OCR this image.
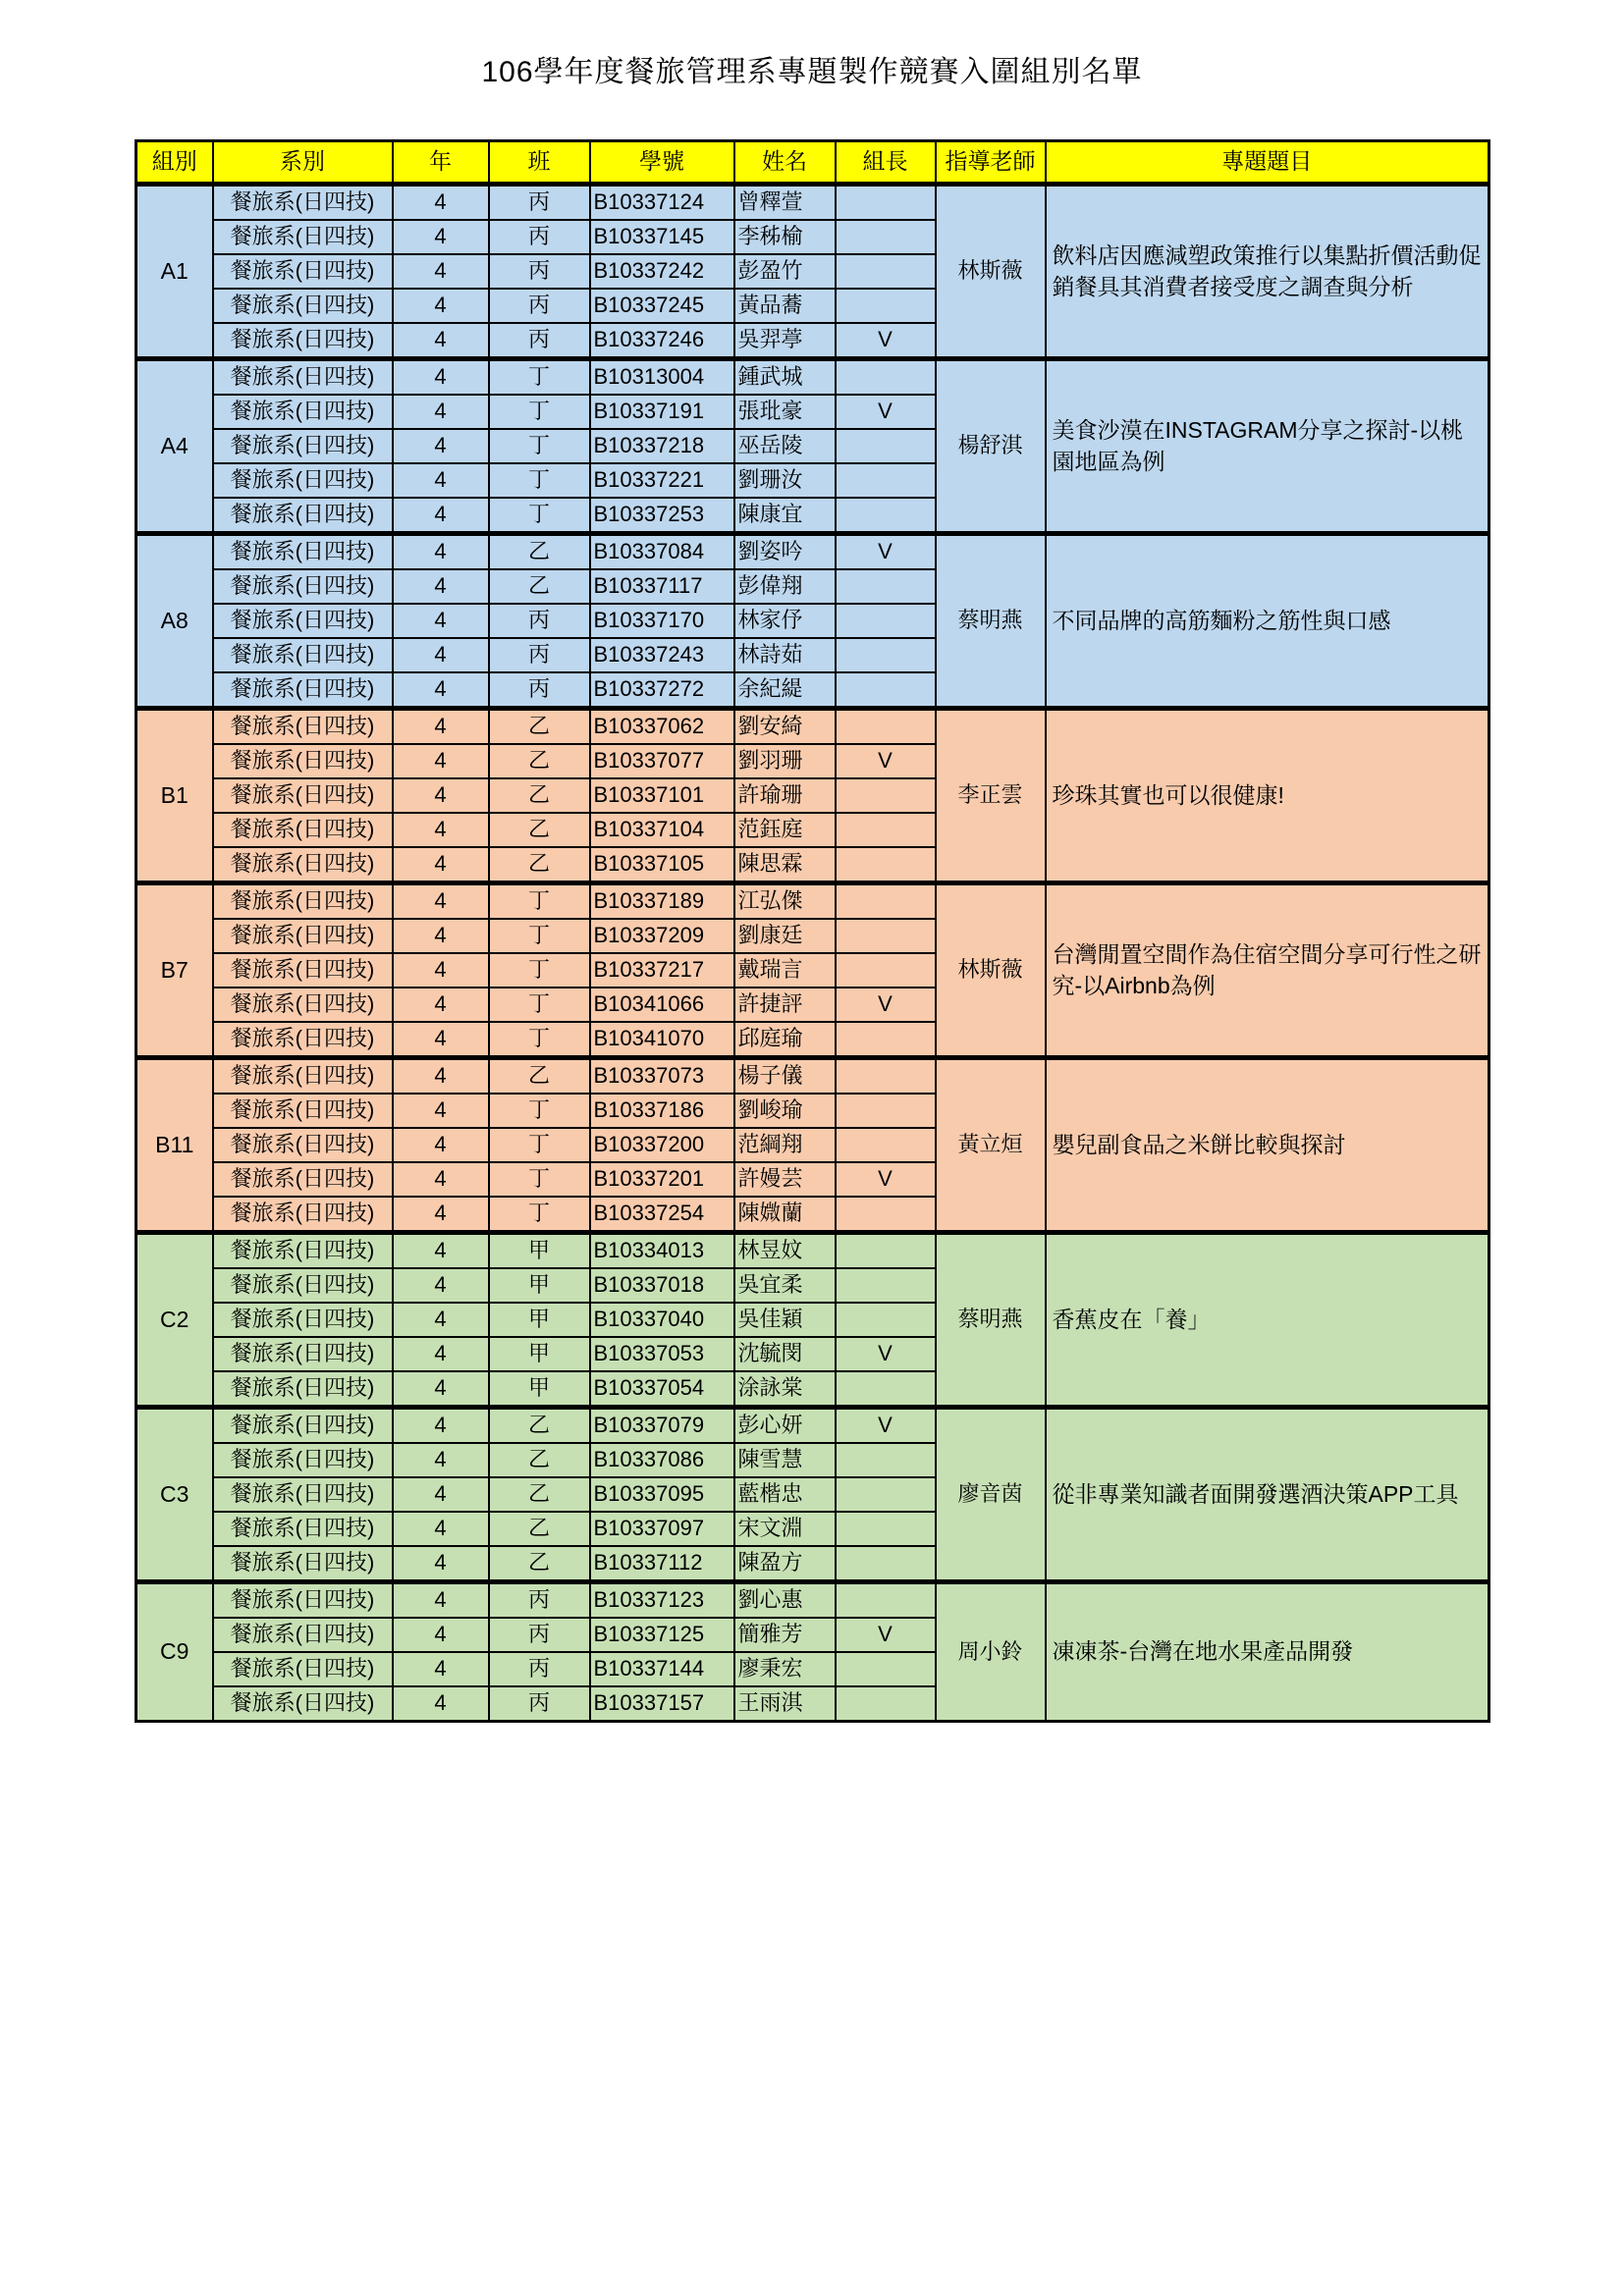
106學年度餐旅管理系專題製作競賽入圍組別名單
組別	系別	年	班	學號	姓名	組長	指導老師	專題題目
A1	餐旅系(日四技)	4	丙	B10337124	曾釋萱		林斯薇	飲料店因應減塑政策推行以集點折價活動促銷餐具其消費者接受度之調查與分析
	餐旅系(日四技)	4	丙	B10337145	李秭榆			
	餐旅系(日四技)	4	丙	B10337242	彭盈竹			
	餐旅系(日四技)	4	丙	B10337245	黃品蕎			
	餐旅系(日四技)	4	丙	B10337246	吳羿葶	V		
A4	餐旅系(日四技)	4	丁	B10313004	鍾武城		楊舒淇	美食沙漠在INSTAGRAM分享之探討-以桃園地區為例
	餐旅系(日四技)	4	丁	B10337191	張玭豪	V		
	餐旅系(日四技)	4	丁	B10337218	巫岳陵			
	餐旅系(日四技)	4	丁	B10337221	劉珊汝			
	餐旅系(日四技)	4	丁	B10337253	陳康宜			
A8	餐旅系(日四技)	4	乙	B10337084	劉姿吟	V	蔡明燕	不同品牌的高筋麵粉之筋性與口感
	餐旅系(日四技)	4	乙	B10337117	彭偉翔			
	餐旅系(日四技)	4	丙	B10337170	林家伃			
	餐旅系(日四技)	4	丙	B10337243	林詩茹			
	餐旅系(日四技)	4	丙	B10337272	余紀緹			
B1	餐旅系(日四技)	4	乙	B10337062	劉安綺		李正雲	珍珠其實也可以很健康!
	餐旅系(日四技)	4	乙	B10337077	劉羽珊	V		
	餐旅系(日四技)	4	乙	B10337101	許瑜珊			
	餐旅系(日四技)	4	乙	B10337104	范鈺庭			
	餐旅系(日四技)	4	乙	B10337105	陳思霖			
B7	餐旅系(日四技)	4	丁	B10337189	江弘傑		林斯薇	台灣閒置空間作為住宿空間分享可行性之研究-以Airbnb為例
	餐旅系(日四技)	4	丁	B10337209	劉康廷			
	餐旅系(日四技)	4	丁	B10337217	戴瑞言			
	餐旅系(日四技)	4	丁	B10341066	許捷評	V		
	餐旅系(日四技)	4	丁	B10341070	邱庭瑜			
B11	餐旅系(日四技)	4	乙	B10337073	楊子儀		黃立烜	嬰兒副食品之米餅比較與探討
	餐旅系(日四技)	4	丁	B10337186	劉峻瑜			
	餐旅系(日四技)	4	丁	B10337200	范綱翔			
	餐旅系(日四技)	4	丁	B10337201	許嫚芸	V		
	餐旅系(日四技)	4	丁	B10337254	陳媺蘭			
C2	餐旅系(日四技)	4	甲	B10334013	林昱妏		蔡明燕	香蕉皮在「養」
	餐旅系(日四技)	4	甲	B10337018	吳宜柔			
	餐旅系(日四技)	4	甲	B10337040	吳佳穎			
	餐旅系(日四技)	4	甲	B10337053	沈毓閔	V		
	餐旅系(日四技)	4	甲	B10337054	涂詠棠			
C3	餐旅系(日四技)	4	乙	B10337079	彭心妍	V	廖音茵	從非專業知識者面開發選酒決策APP工具
	餐旅系(日四技)	4	乙	B10337086	陳雪慧			
	餐旅系(日四技)	4	乙	B10337095	藍楷忠			
	餐旅系(日四技)	4	乙	B10337097	宋文淵			
	餐旅系(日四技)	4	乙	B10337112	陳盈方			
C9	餐旅系(日四技)	4	丙	B10337123	劉心惠		周小鈴	凍凍茶-台灣在地水果產品開發
	餐旅系(日四技)	4	丙	B10337125	簡雅芳	V		
	餐旅系(日四技)	4	丙	B10337144	廖秉宏			
	餐旅系(日四技)	4	丙	B10337157	王雨淇			
